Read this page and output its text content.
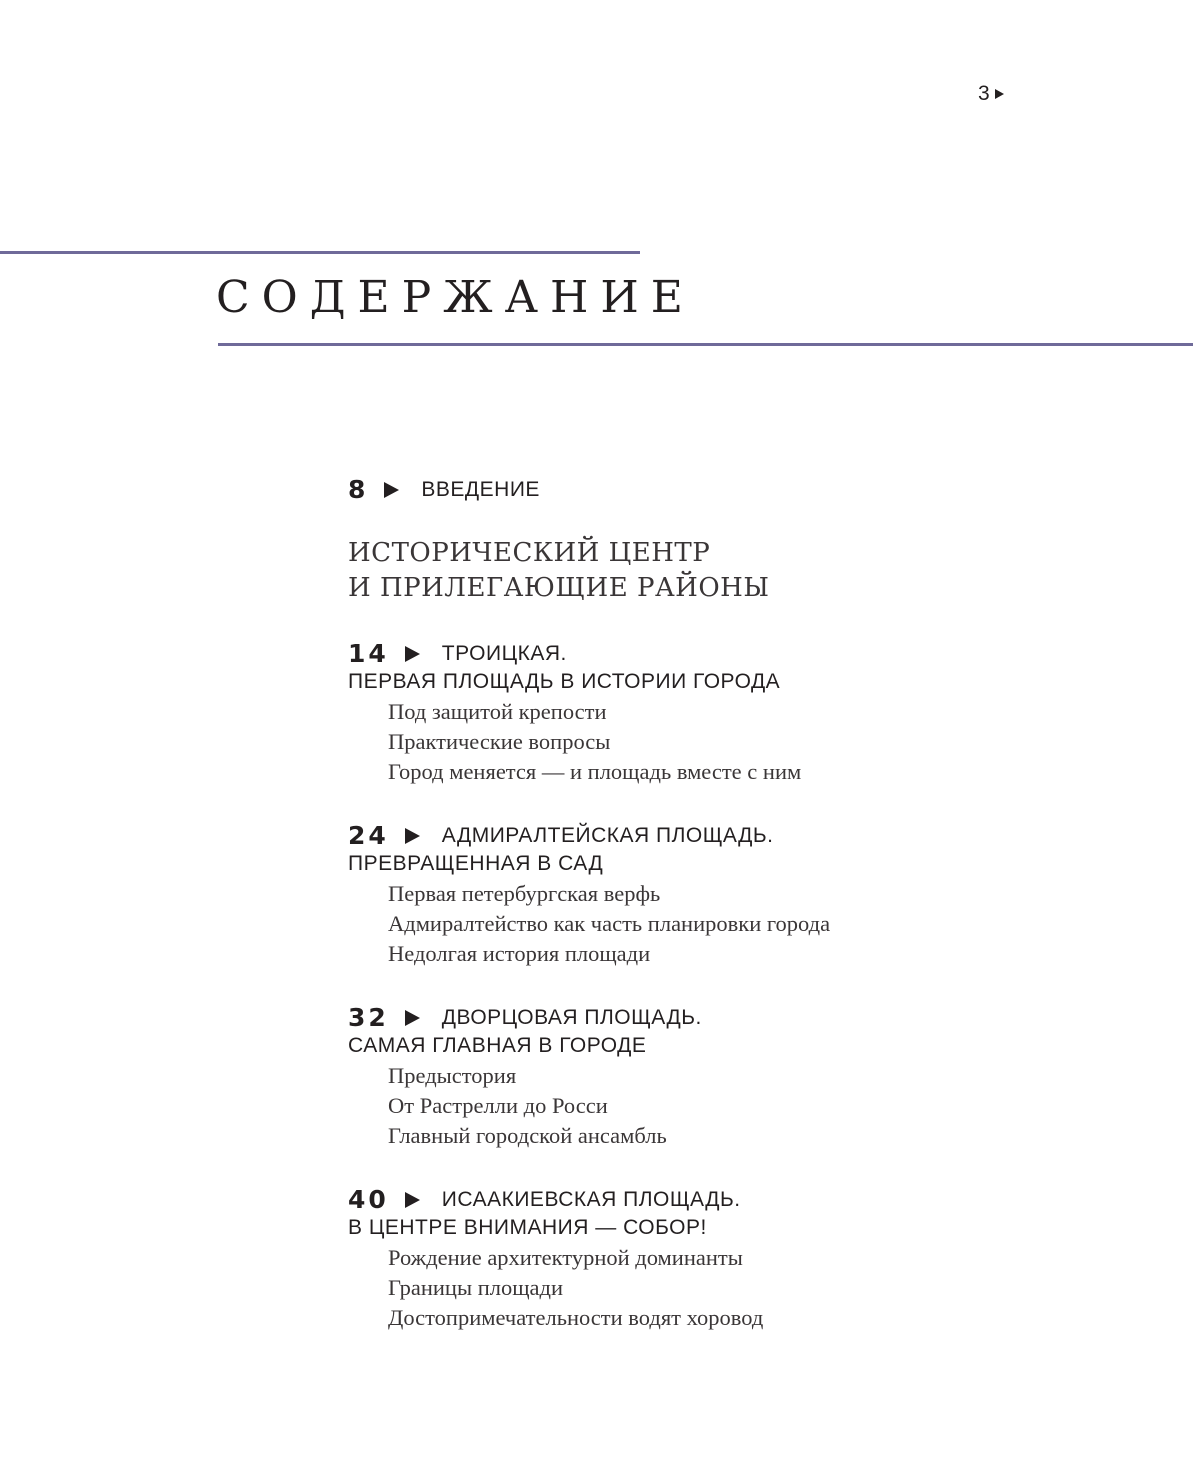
3
СОДЕРЖАНИЕ
8	ВВЕДЕНИЕ
ИСТОРИЧЕСКИЙ ЦЕНТР
И ПРИЛЕГАЮЩИЕ РАЙОНЫ
14	ТРОИЦКАЯ.
ПЕРВАЯ ПЛОЩАДЬ В ИСТОРИИ ГОРОДА
Под защитой крепости
Практические вопросы
Город меняется — и площадь вместе с ним
24	АДМИРАЛТЕЙСКАЯ ПЛОЩАДЬ.
ПРЕВРАЩЕННАЯ В САД
Первая петербургская верфь
Адмиралтейство как часть планировки города
Недолгая история площади
32	ДВОРЦОВАЯ ПЛОЩАДЬ.
САМАЯ ГЛАВНАЯ В ГОРОДЕ
Предыстория
От Растрелли до Росси
Главный городской ансамбль
40	ИСААКИЕВСКАЯ ПЛОЩАДЬ.
В ЦЕНТРЕ ВНИМАНИЯ — СОБОР!
Рождение архитектурной доминанты
Границы площади
Достопримечательности водят хоровод
